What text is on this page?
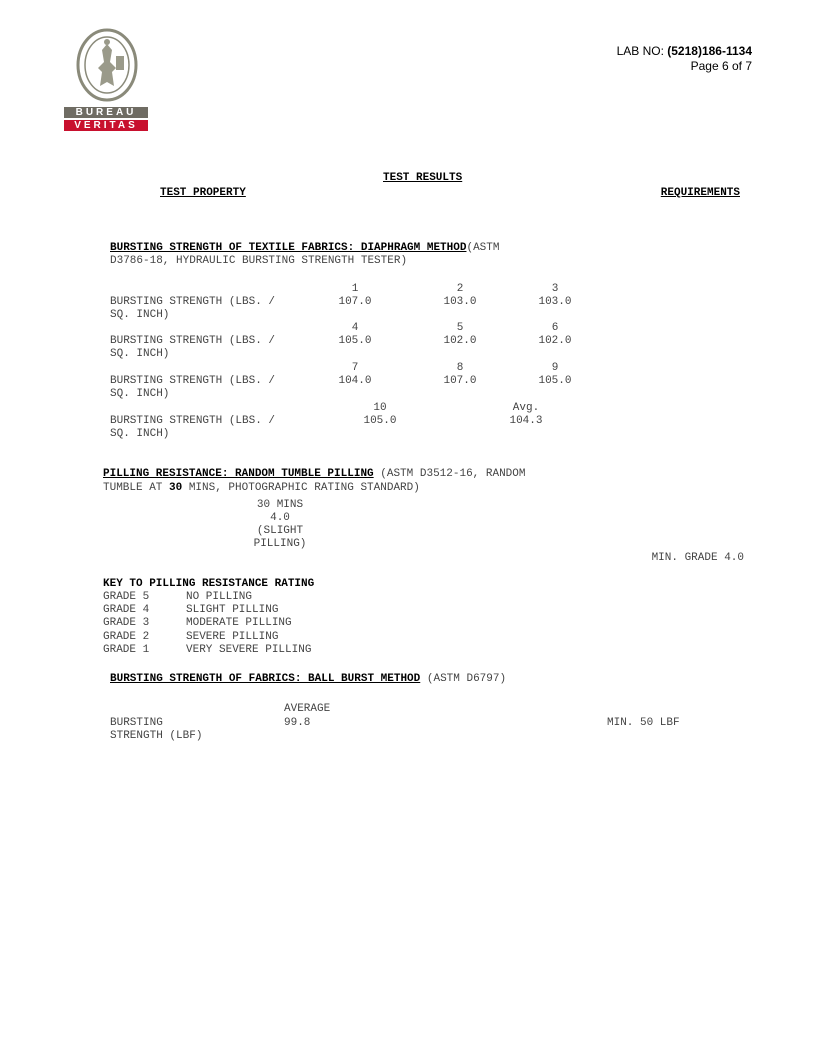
BUREAU
VERITAS
LAB NO: (5218)186-1134
Page 6 of 7
TEST RESULTS
TEST PROPERTY	REQUIREMENTS
BURSTING STRENGTH OF TEXTILE FABRICS: DIAPHRAGM METHOD(ASTM
D3786-18, HYDRAULIC BURSTING STRENGTH TESTER)
1	2	3
BURSTING STRENGTH (LBS. /
SQ. INCH)
107.0	103.0	103.0
4	5	6
BURSTING STRENGTH (LBS. /
SQ. INCH)
105.0	102.0	102.0
7	8	9
BURSTING STRENGTH (LBS. /
SQ. INCH)
104.0	107.0	105.0
10	Avg.
BURSTING STRENGTH (LBS. /
SQ. INCH)
105.0	104.3
PILLING RESISTANCE: RANDOM TUMBLE PILLING (ASTM D3512-16, RANDOM
TUMBLE AT 30 MINS, PHOTOGRAPHIC RATING STANDARD)
30 MINS
4.0
(SLIGHT
PILLING)
MIN. GRADE 4.0
KEY TO PILLING RESISTANCE RATING
GRADE 5	NO PILLING
GRADE 4	SLIGHT PILLING
GRADE 3	MODERATE PILLING
GRADE 2	SEVERE PILLING
GRADE 1	VERY SEVERE PILLING
BURSTING STRENGTH OF FABRICS: BALL BURST METHOD (ASTM D6797)
AVERAGE
BURSTING
STRENGTH (LBF)
99.8	MIN. 50 LBF
